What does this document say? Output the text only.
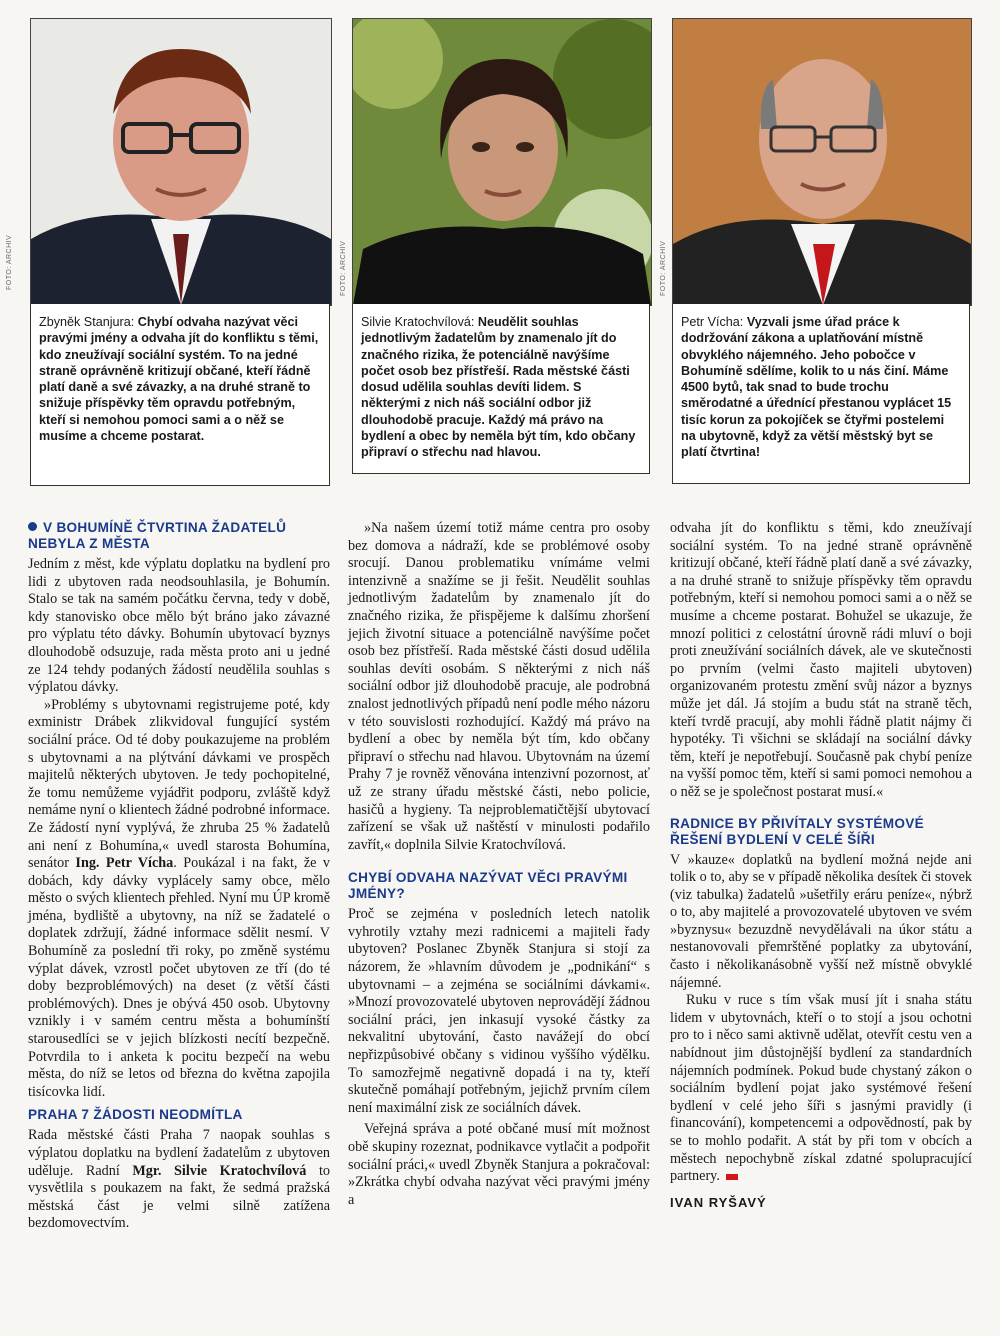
FOTO: ARCHIV	FOTO: ARCHIV	FOTO: ARCHIV
Zbyněk Stanjura: Chybí odvaha nazývat věci pravými jmény a odvaha jít do konfliktu s těmi, kdo zneužívají sociální systém. To na jedné straně oprávněně kritizují občané, kteří řádně platí daně a své závazky, a na druhé straně to snižuje příspěvky těm opravdu potřebným, kteří si nemohou pomoci sami a o něž se musíme a chceme postarat.
Silvie Kratochvílová: Neudělit souhlas jednotlivým žadatelům by znamenalo jít do značného rizika, že potenciálně navýšíme počet osob bez přístřeší. Rada městské části dosud udělila souhlas devíti lidem. S některými z nich náš sociální odbor již dlouhodobě pracuje. Každý má právo na bydlení a obec by neměla být tím, kdo občany připraví o střechu nad hlavou.
Petr Vícha: Vyzvali jsme úřad práce k dodržování zákona a uplatňování místně obvyklého nájemného. Jeho pobočce v Bohumíně sdělíme, kolik to u nás činí. Máme 4500 bytů, tak snad to bude trochu směrodatné a úřednící přestanou vyplácet 15 tisíc korun za pokojíček se čtyřmi postelemi na ubytovně, když za větší městský byt se platí čtvrtina!
V BOHUMÍNĚ ČTVRTINA ŽADATELŮ NEBYLA Z MĚSTA

Jedním z měst, kde výplatu doplatku na bydlení pro lidi z ubytoven rada neodsouhlasila, je Bohumín. Stalo se tak na samém počátku června, tedy v době, kdy stanovisko obce mělo být bráno jako závazné pro výplatu této dávky. Bohumín ubytovací byznys dlouhodobě odsuzuje, rada města proto ani u jedné ze 124 tehdy podaných žádostí neudělila souhlas s výplatou dávky.

»Problémy s ubytovnami registrujeme poté, kdy exministr Drábek zlikvidoval fungující systém sociální práce. Od té doby poukazujeme na problém s ubytovnami a na plýtvání dávkami ve prospěch majitelů některých ubytoven. Je tedy pochopitelné, že tomu nemůžeme vyjádřit podporu, zvláště když nemáme nyní o klientech žádné podrobné informace. Ze žádostí nyní vyplývá, že zhruba 25 % žadatelů ani není z Bohumína,« uvedl starosta Bohumína, senátor Ing. Petr Vícha. Poukázal i na fakt, že v dobách, kdy dávky vyplácely samy obce, mělo město o svých klientech přehled. Nyní mu ÚP kromě jména, bydliště a ubytovny, na níž se žadatelé o doplatek zdržují, žádné informace sdělit nesmí. V Bohumíně za poslední tři roky, po změně systému výplat dávek, vzrostl počet ubytoven ze tří (do té doby bezproblémových) na deset (z větší části problémových). Dnes je obývá 450 osob. Ubytovny vznikly i v samém centru města a bohumínští starousedlíci se v jejich blízkosti necítí bezpečně. Potvrdila to i anketa k pocitu bezpečí na webu města, do níž se letos od března do května zapojila tisícovka lidí.

PRAHA 7 ŽÁDOSTI NEODMÍTLA

Rada městské části Praha 7 naopak souhlas s výplatou doplatku na bydlení žadatelům z ubytoven uděluje. Radní Mgr. Silvie Kratochvílová to vysvětlila s poukazem na fakt, že sedmá pražská městská část je velmi silně zatížena bezdomovectvím.

»Na našem území totiž máme centra pro osoby bez domova a nádraží, kde se problémové osoby srocují. Danou problematiku vnímáme velmi intenzivně a snažíme se ji řešit. Neudělit souhlas jednotlivým žadatelům by znamenalo jít do značného rizika, že přispějeme k dalšímu zhoršení jejich životní situace a potenciálně navýšíme počet osob bez přístřeší. Rada městské části dosud udělila souhlas devíti osobám. S některými z nich náš sociální odbor již dlouhodobě pracuje, ale podrobná znalost jednotlivých případů není podle mého názoru v této souvislosti rozhodující. Každý má právo na bydlení a obec by neměla být tím, kdo občany připraví o střechu nad hlavou. Ubytovnám na území Prahy 7 je rovněž věnována intenzivní pozornost, ať už ze strany úřadu městské části, nebo policie, hasičů a hygieny. Ta nejproblematičtější ubytovací zařízení se však už naštěstí v minulosti podařilo zavřít,« doplnila Silvie Kratochvílová.

CHYBÍ ODVAHA NAZÝVAT VĚCI PRAVÝMI JMÉNY?

Proč se zejména v posledních letech natolik vyhrotily vztahy mezi radnicemi a majiteli řady ubytoven? Poslanec Zbyněk Stanjura si stojí za názorem, že »hlavním důvodem je „podnikání“ s ubytovnami – a zejména se sociálními dávkami«. »Mnozí provozovatelé ubytoven neprovádějí žádnou sociální práci, jen inkasují vysoké částky za nekvalitní ubytování, často navážejí do obcí nepřizpůsobivé občany s vidinou vyššího výdělku. To samozřejmě negativně dopadá i na ty, kteří skutečně pomáhají potřebným, jejichž prvním cílem není maximální zisk ze sociálních dávek.

Veřejná správa a poté občané musí mít možnost obě skupiny rozeznat, podnikavce vytlačit a podpořit sociální práci,« uvedl Zbyněk Stanjura a pokračoval: »Zkrátka chybí odvaha nazývat věci pravými jmény a

odvaha jít do konfliktu s těmi, kdo zneužívají sociální systém. To na jedné straně oprávněně kritizují občané, kteří řádně platí daně a své závazky, a na druhé straně to snižuje příspěvky těm opravdu potřebným, kteří si nemohou pomoci sami a o něž se musíme a chceme postarat. Bohužel se ukazuje, že mnozí politici z celostátní úrovně rádi mluví o boji proti zneužívání sociálních dávek, ale ve skutečnosti po prvním (velmi často majiteli ubytoven) organizovaném protestu změní svůj názor a byznys může jet dál. Já stojím a budu stát na straně těch, kteří tvrdě pracují, aby mohli řádně platit nájmy či hypotéky. Ti všichni se skládají na sociální dávky těm, kteří je nepotřebují. Současně pak chybí peníze na vyšší pomoc těm, kteří si sami pomoci nemohou a o něž se je společnost postarat musí.«

RADNICE BY PŘIVÍTALY SYSTÉMOVÉ ŘEŠENÍ BYDLENÍ V CELÉ ŠÍŘI

V »kauze« doplatků na bydlení možná nejde ani tolik o to, aby se v případě několika desítek či stovek (viz tabulka) žadatelů »ušetřily eráru peníze«, nýbrž o to, aby majitelé a provozovatelé ubytoven ve svém »byznysu« bezuzdně nevydělávali na úkor státu a nestanovovali přemrštěné poplatky za ubytování, často i několikanásobně vyšší než místně obvyklé nájemné.

Ruku v ruce s tím však musí jít i snaha státu lidem v ubytovnách, kteří o to stojí a jsou ochotni pro to i něco sami aktivně udělat, otevřít cestu ven a nabídnout jim důstojnější bydlení za standardních nájemních podmínek. Pokud bude chystaný zákon o sociálním bydlení pojat jako systémové řešení bydlení v celé jeho šíři s jasnými pravidly (i financování), kompetencemi a odpovědností, pak by se to mohlo podařit. A stát by při tom v obcích a městech nepochybně získal zdatné spolupracující partnery.

IVAN RYŠAVÝ
